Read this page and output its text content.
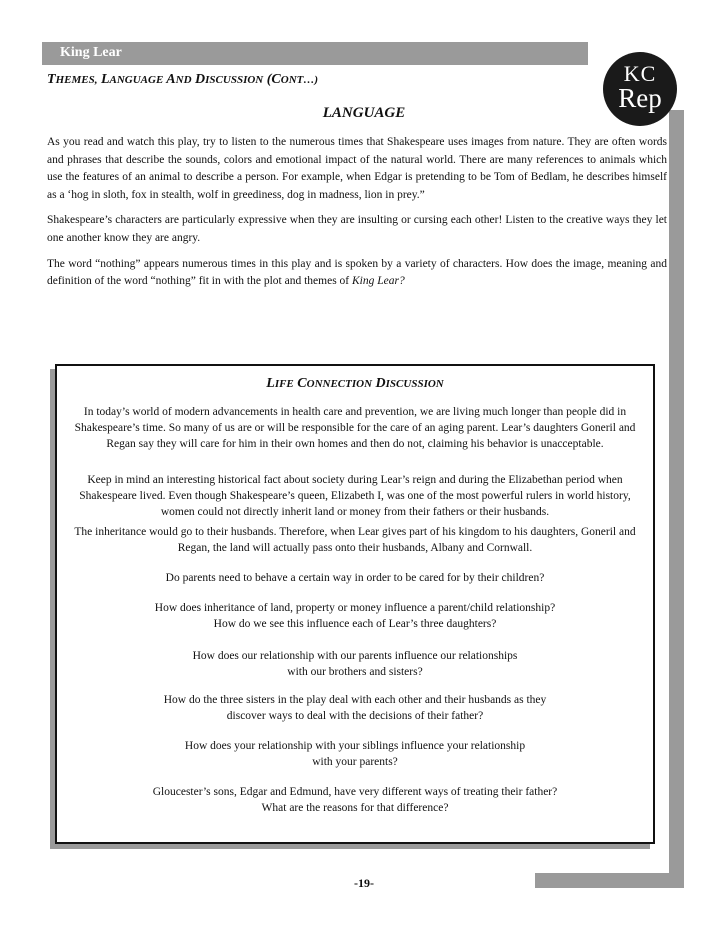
King Lear
KC
Rep
THEMES, LANGUAGE AND DISCUSSION (CONT…)
LANGUAGE

As you read and watch this play, try to listen to the numerous times that Shakespeare uses images from nature. They are often words and phrases that describe the sounds, colors and emotional impact of the natural world. There are many references to animals which use the features of an animal to describe a person. For example, when Edgar is pretending to be Tom of Bedlam, he describes himself as a ‘hog in sloth, fox in stealth, wolf in greediness, dog in madness, lion in prey.”

Shakespeare’s characters are particularly expressive when they are insulting or cursing each other! Listen to the creative ways they let one another know they are angry.

The word “nothing” appears numerous times in this play and is spoken by a variety of characters. How does the image, meaning and definition of the word “nothing” fit in with the plot and themes of King Lear?

LIFE CONNECTION DISCUSSION
In today’s world of modern advancements in health care and prevention, we are living much longer than people did in Shakespeare’s time. So many of us are or will be responsible for the care of an aging parent. Lear’s daughters Goneril and Regan say they will care for him in their own homes and then do not, claiming his behavior is unacceptable.
Keep in mind an interesting historical fact about society during Lear’s reign and during the Elizabethan period when Shakespeare lived. Even though Shakespeare’s queen, Elizabeth I, was one of the most powerful rulers in world history, women could not directly inherit land or money from their fathers or their husbands.
The inheritance would go to their husbands. Therefore, when Lear gives part of his kingdom to his daughters, Goneril and Regan, the land will actually pass onto their husbands, Albany and Cornwall.
Do parents need to behave a certain way in order to be cared for by their children?
How does inheritance of land, property or money influence a parent/child relationship?
How do we see this influence each of Lear’s three daughters?
How does our relationship with our parents influence our relationships
with our brothers and sisters?
How do the three sisters in the play deal with each other and their husbands as they
discover ways to deal with the decisions of their father?
How does your relationship with your siblings influence your relationship
with your parents?
Gloucester’s sons, Edgar and Edmund, have very different ways of treating their father?
What are the reasons for that difference?
-19-
